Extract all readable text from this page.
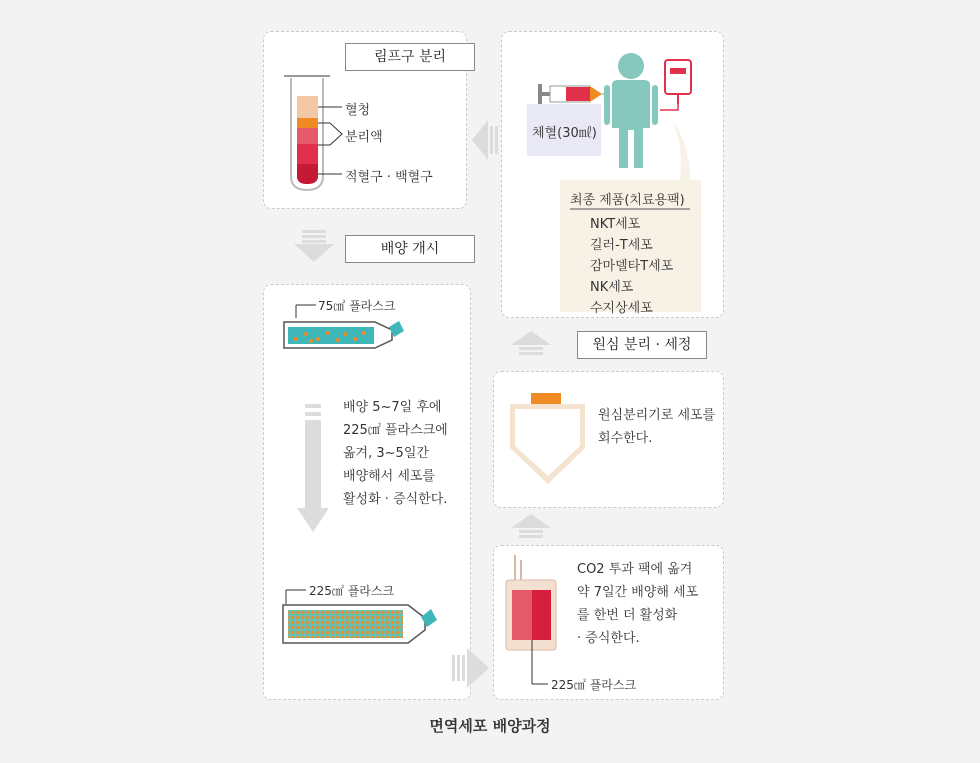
림프구 분리
혈청
분리액
적혈구 · 백혈구
배양 개시
75㎠ 플라스크
배양 5~7일 후에
225㎠ 플라스크에
옮겨, 3~5일간
배양해서 세포를
활성화 · 증식한다.
225㎠ 플라스크
CO2 투과 팩에 옮겨
약 7일간 배양해 세포
를 한번 더 활성화
· 증식한다.
225㎠ 플라스크
원심분리기로 세포를
회수한다.
원심 분리 · 세정
체혈(30㎖)
최종 제품(치료용팩)
NKT세포
길러-T세포
감마델타T세포
NK세포
수지상세포
면역세포 배양과정
